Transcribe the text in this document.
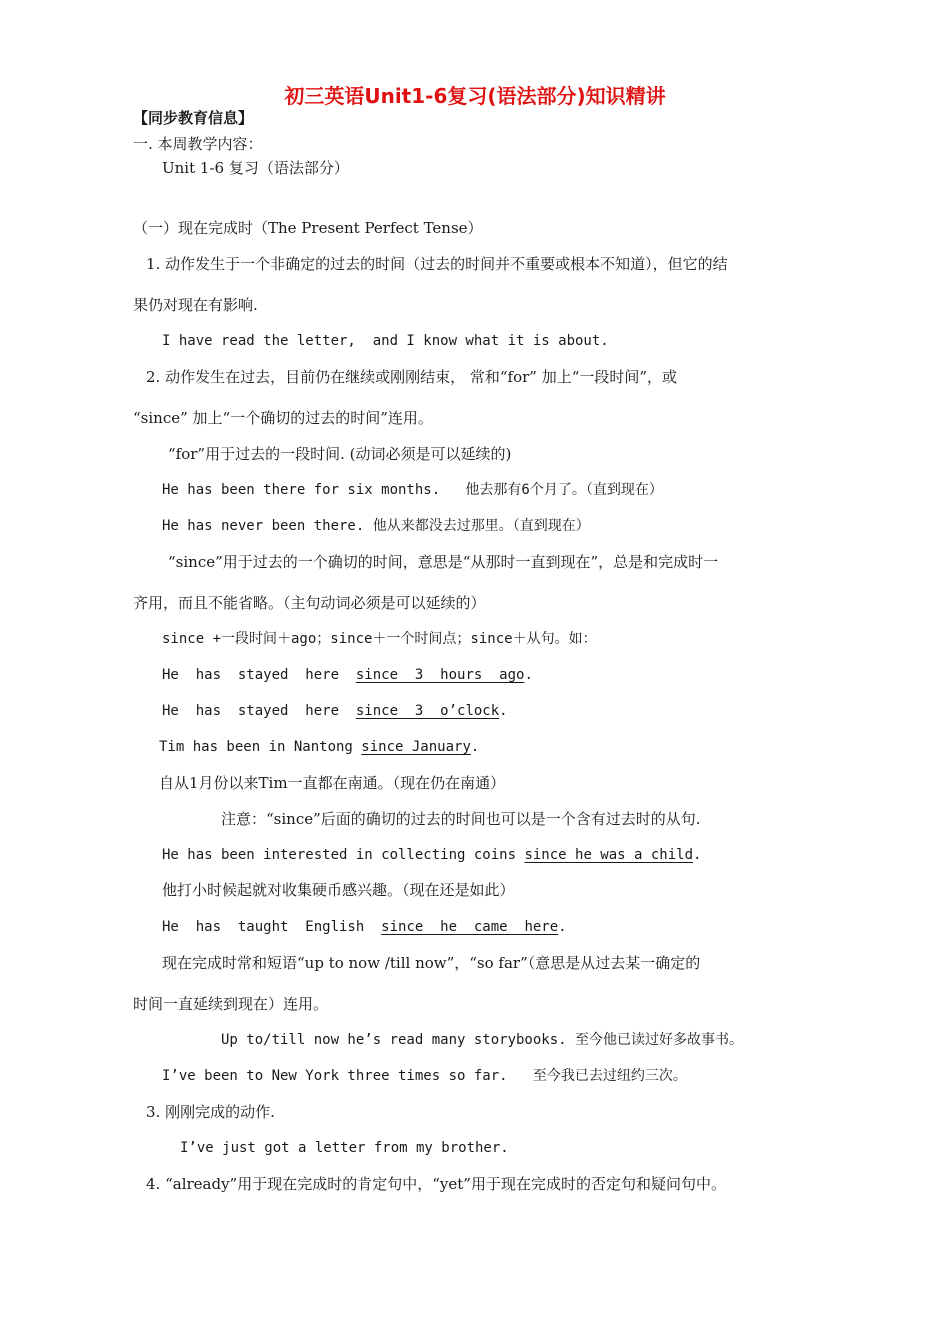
初三英语Unit1-6复习(语法部分)知识精讲
【同步教育信息】
一. 本周教学内容：
Unit 1-6 复习（语法部分）
（一）现在完成时（The Present Perfect Tense）
1. 动作发生于一个非确定的过去的时间（过去的时间并不重要或根本不知道），但它的结
果仍对现在有影响.
I have read the letter,  and I know what it is about.
2. 动作发生在过去，目前仍在继续或刚刚结束， 常和“for” 加上“一段时间”，或
“since” 加上“一个确切的过去的时间”连用。
“for”用于过去的一段时间. (动词必须是可以延续的)
He has been there for six months.   他去那有6个月了。（直到现在）
He has never been there. 他从来都没去过那里。（直到现在）
“since”用于过去的一个确切的时间，意思是“从那时一直到现在”，总是和完成时一
齐用，而且不能省略。（主句动词必须是可以延续的）
since +一段时间＋ago；since＋一个时间点；since＋从句。如：
He  has  stayed  here  since  3  hours  ago.
He  has  stayed  here  since  3  o’clock.
Tim has been in Nantong since January.
自从1月份以来Tim一直都在南通。（现在仍在南通）
注意：“since”后面的确切的过去的时间也可以是一个含有过去时的从句.
He has been interested in collecting coins since he was a child.
他打小时候起就对收集硬币感兴趣。（现在还是如此）
He  has  taught  English  since  he  came  here.
现在完成时常和短语“up to now /till now”，“so far”（意思是从过去某一确定的
时间一直延续到现在）连用。
Up to/till now he’s read many storybooks. 至今他已读过好多故事书。
I’ve been to New York three times so far.   至今我已去过纽约三次。
3. 刚刚完成的动作.
I’ve just got a letter from my brother.
4. “already”用于现在完成时的肯定句中，“yet”用于现在完成时的否定句和疑问句中。
